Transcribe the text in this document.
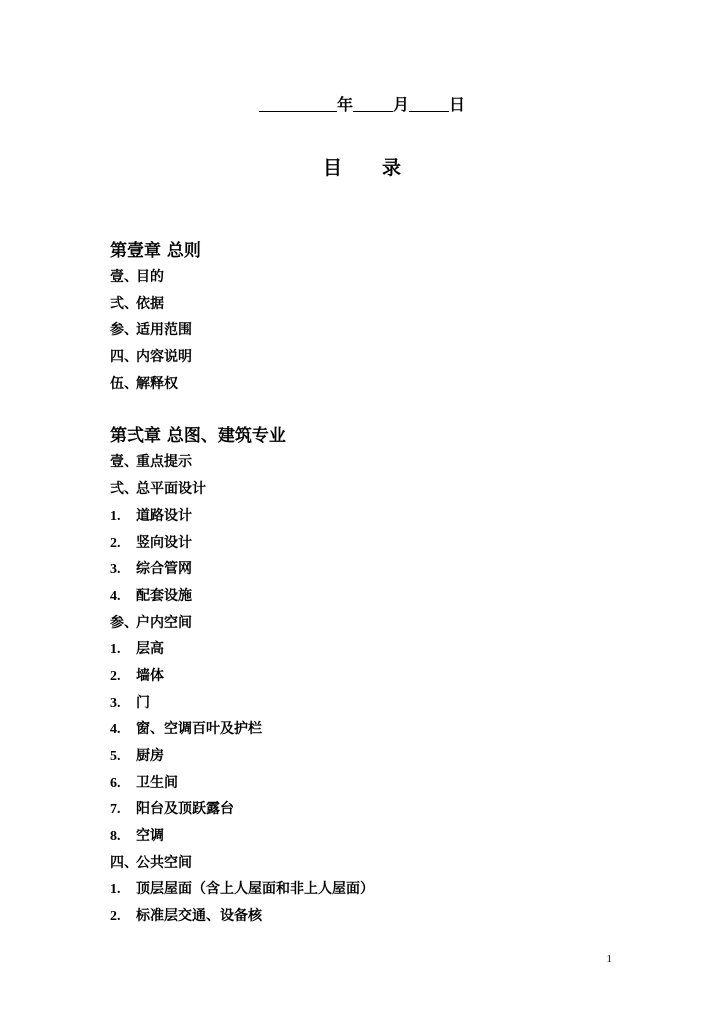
年	月	日
目 录
第壹章 总则
壹、目的
弍、依据
参、适用范围
四、内容说明
伍、解释权
第弍章 总图、建筑专业
壹、重点提示
弍、总平面设计
1. 道路设计
2. 竖向设计
3. 综合管网
4. 配套设施
参、户内空间
1. 层高
2. 墙体
3. 门
4. 窗、空调百叶及护栏
5. 厨房
6. 卫生间
7. 阳台及顶跃露台
8. 空调
四、公共空间
1. 顶层屋面（含上人屋面和非上人屋面）
2. 标准层交通、设备核
1
